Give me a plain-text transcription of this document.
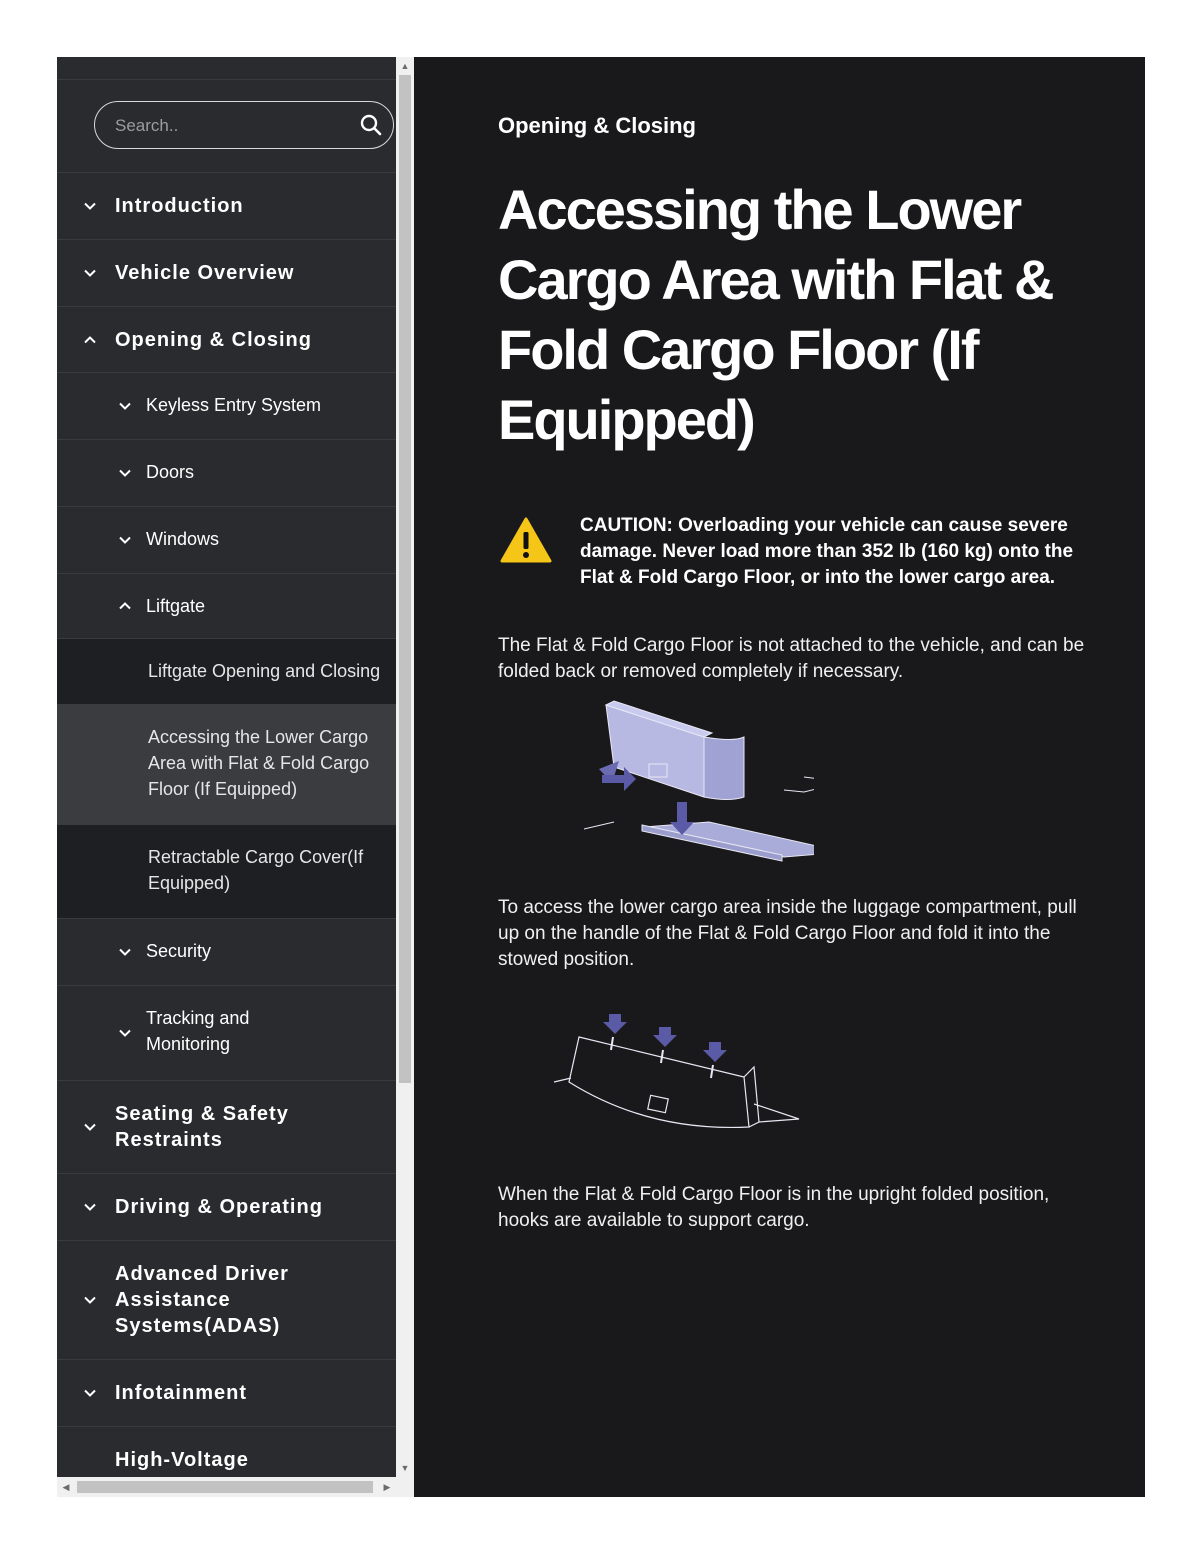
Search..
Introduction
Vehicle Overview
Opening & Closing
Keyless Entry System
Doors
Windows
Liftgate
Liftgate Opening and Closing
Accessing the Lower Cargo Area with Flat & Fold Cargo Floor (If Equipped)
Retractable Cargo Cover(If Equipped)
Security
Tracking and Monitoring
Seating & Safety Restraints
Driving & Operating
Advanced Driver Assistance Systems(ADAS)
Infotainment
High-Voltage
▲
▼
◀	▶
Opening & Closing
Accessing the Lower Cargo Area with Flat & Fold Cargo Floor (If Equipped)
CAUTION: Overloading your vehicle can cause severe damage. Never load more than 352 lb (160 kg) onto the Flat & Fold Cargo Floor, or into the lower cargo area.
The Flat & Fold Cargo Floor is not attached to the vehicle, and can be folded back or removed completely if necessary.
To access the lower cargo area inside the luggage compartment, pull up on the handle of the Flat & Fold Cargo Floor and fold it into the stowed position.
When the Flat & Fold Cargo Floor is in the upright folded position, hooks are available to support cargo.
